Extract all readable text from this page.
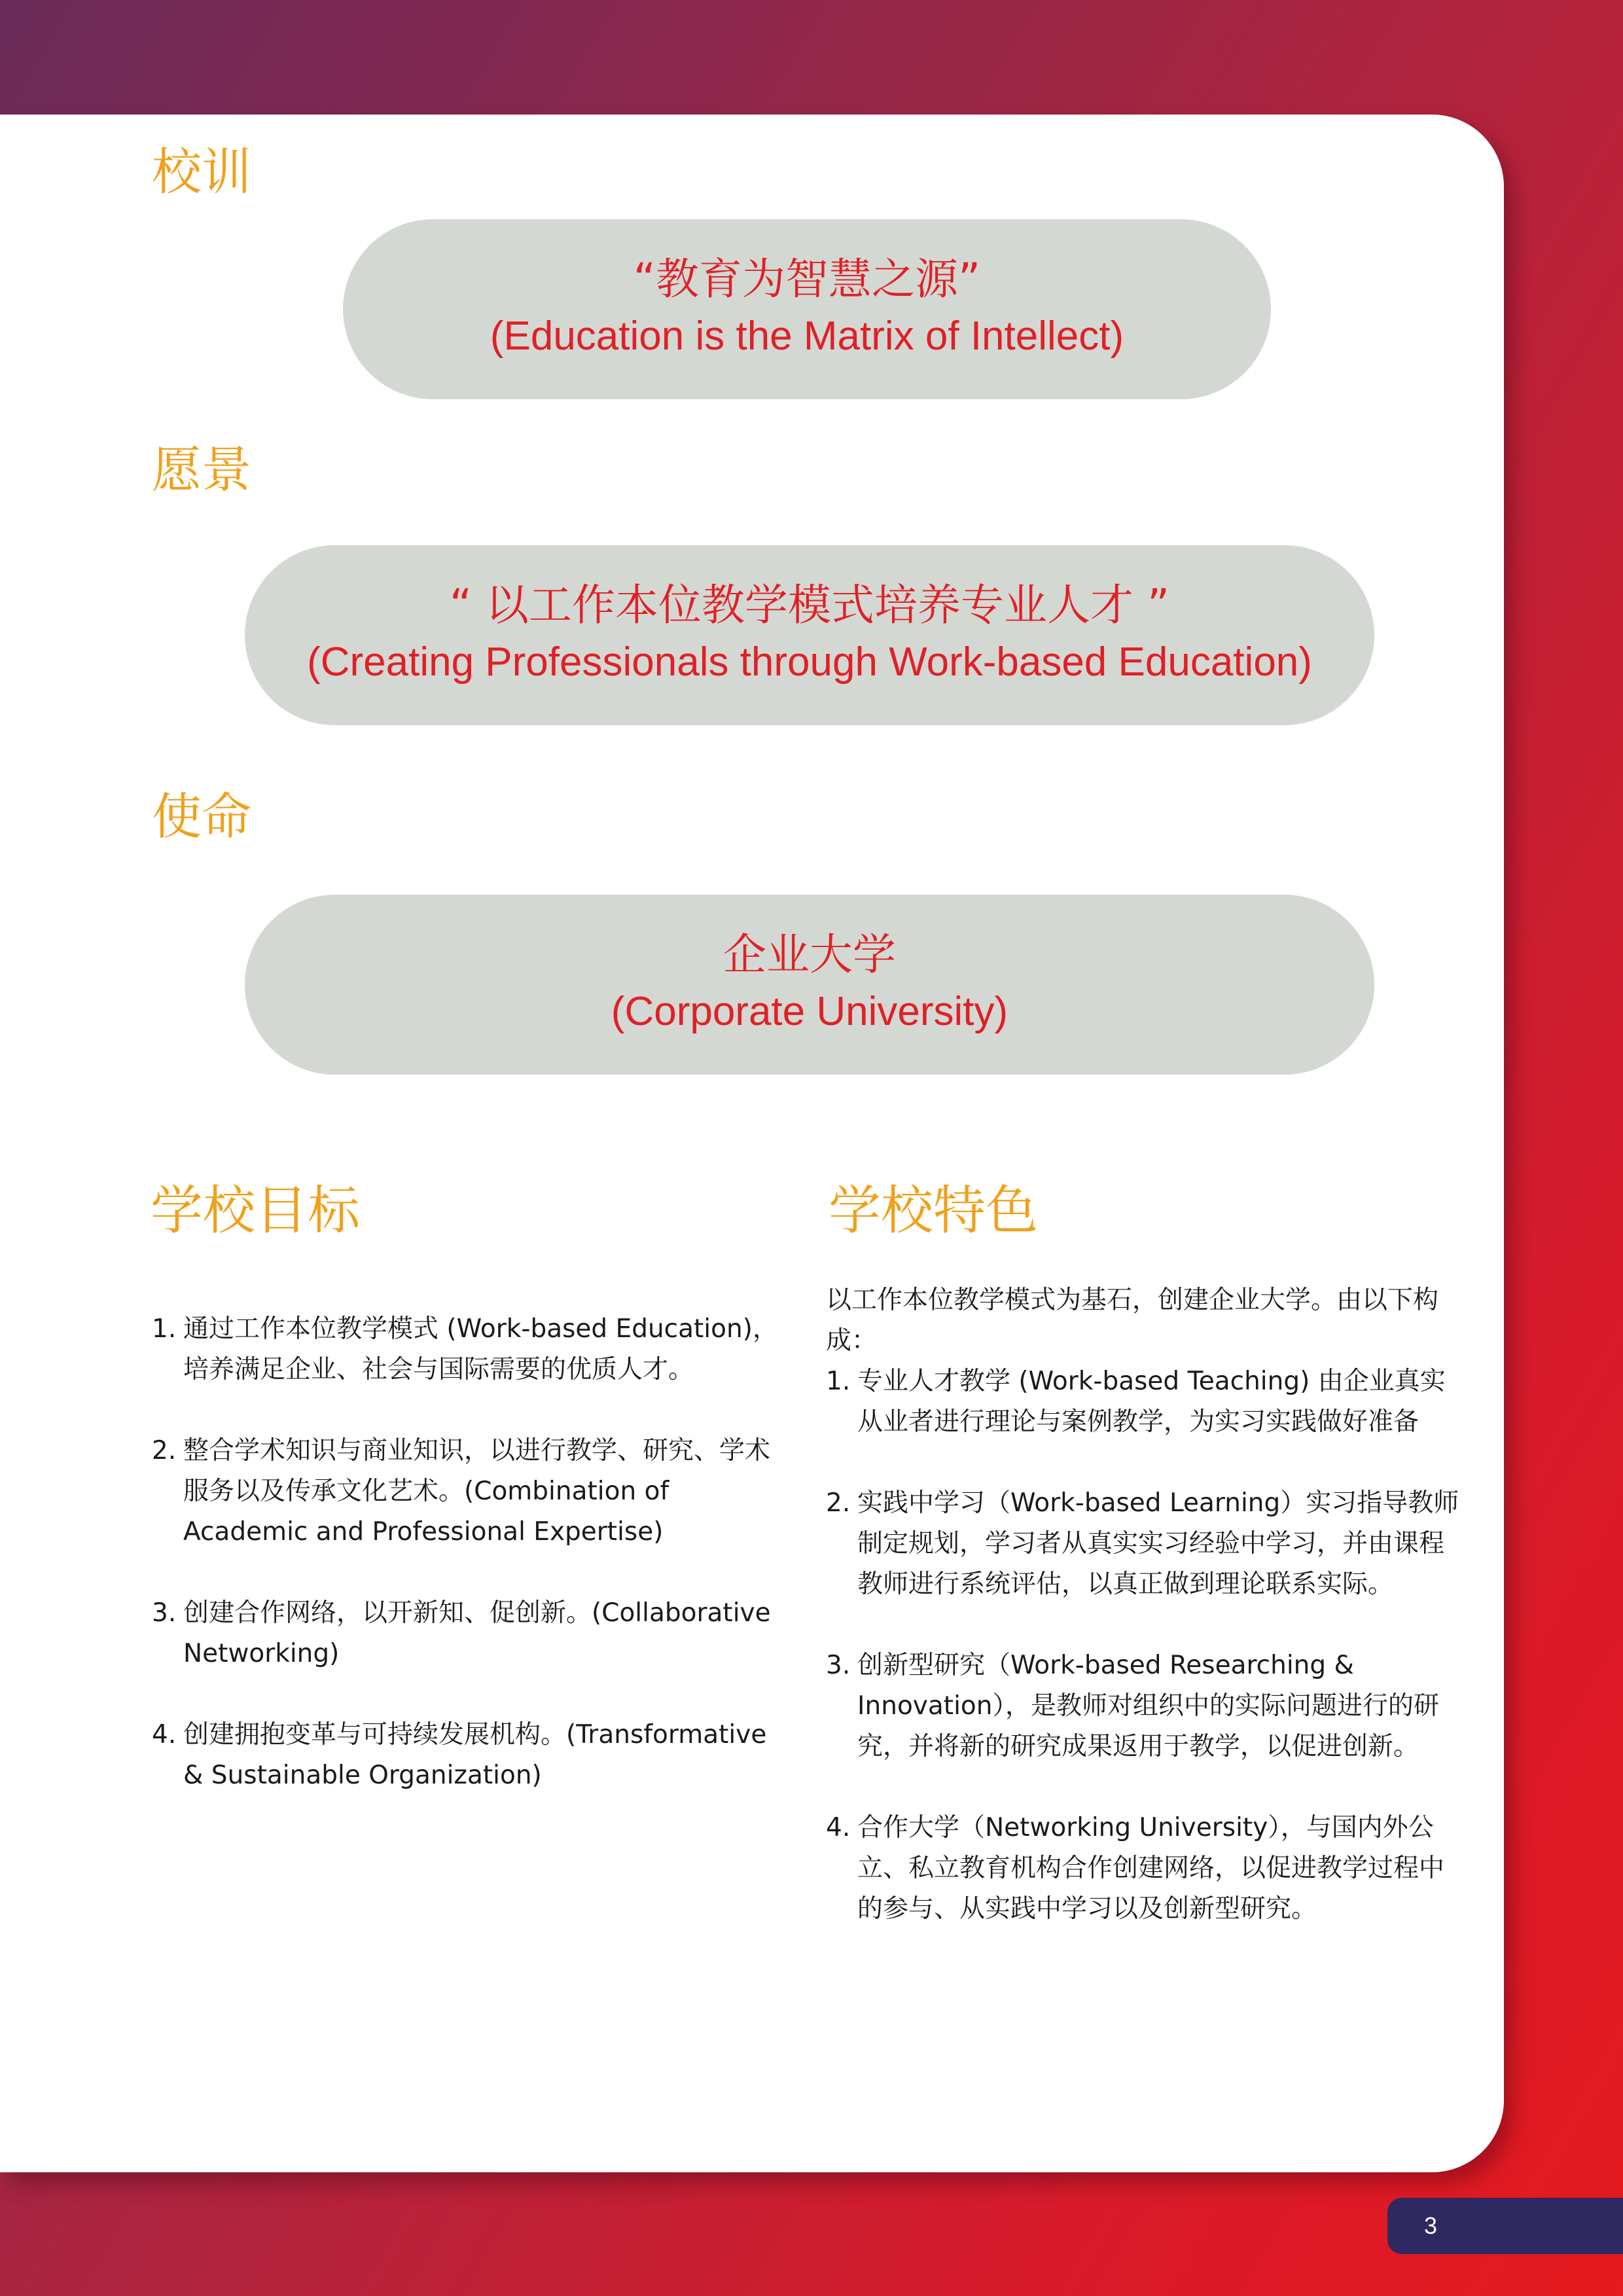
校训
“教育为智慧之源”
(Education is the Matrix of Intellect)
愿景
“ 以工作本位教学模式培养专业人才 ”
(Creating Professionals through Work-based Education)
使命
企业大学
(Corporate University)
学校目标
1. 通过工作本位教学模式 (Work-based Education)，培养满足企业、社会与国际需要的优质人才。
2. 整合学术知识与商业知识，以进行教学、研究、学术服务以及传承文化艺术。(Combination of Academic and Professional Expertise)
3. 创建合作网络，以开新知、促创新。(Collaborative Networking)
4. 创建拥抱变革与可持续发展机构。(Transformative & Sustainable Organization)
学校特色

以工作本位教学模式为基石，创建企业大学。由以下构成：

1. 专业人才教学 (Work-based Teaching) 由企业真实从业者进行理论与案例教学，为实习实践做好准备
2. 实践中学习（Work-based Learning）实习指导教师制定规划，学习者从真实实习经验中学习，并由课程教师进行系统评估，以真正做到理论联系实际。
3. 创新型研究（Work-based Researching & Innovation），是教师对组织中的实际问题进行的研究，并将新的研究成果返用于教学，以促进创新。
4. 合作大学（Networking University），与国内外公立、私立教育机构合作创建网络，以促进教学过程中的参与、从实践中学习以及创新型研究。
3
